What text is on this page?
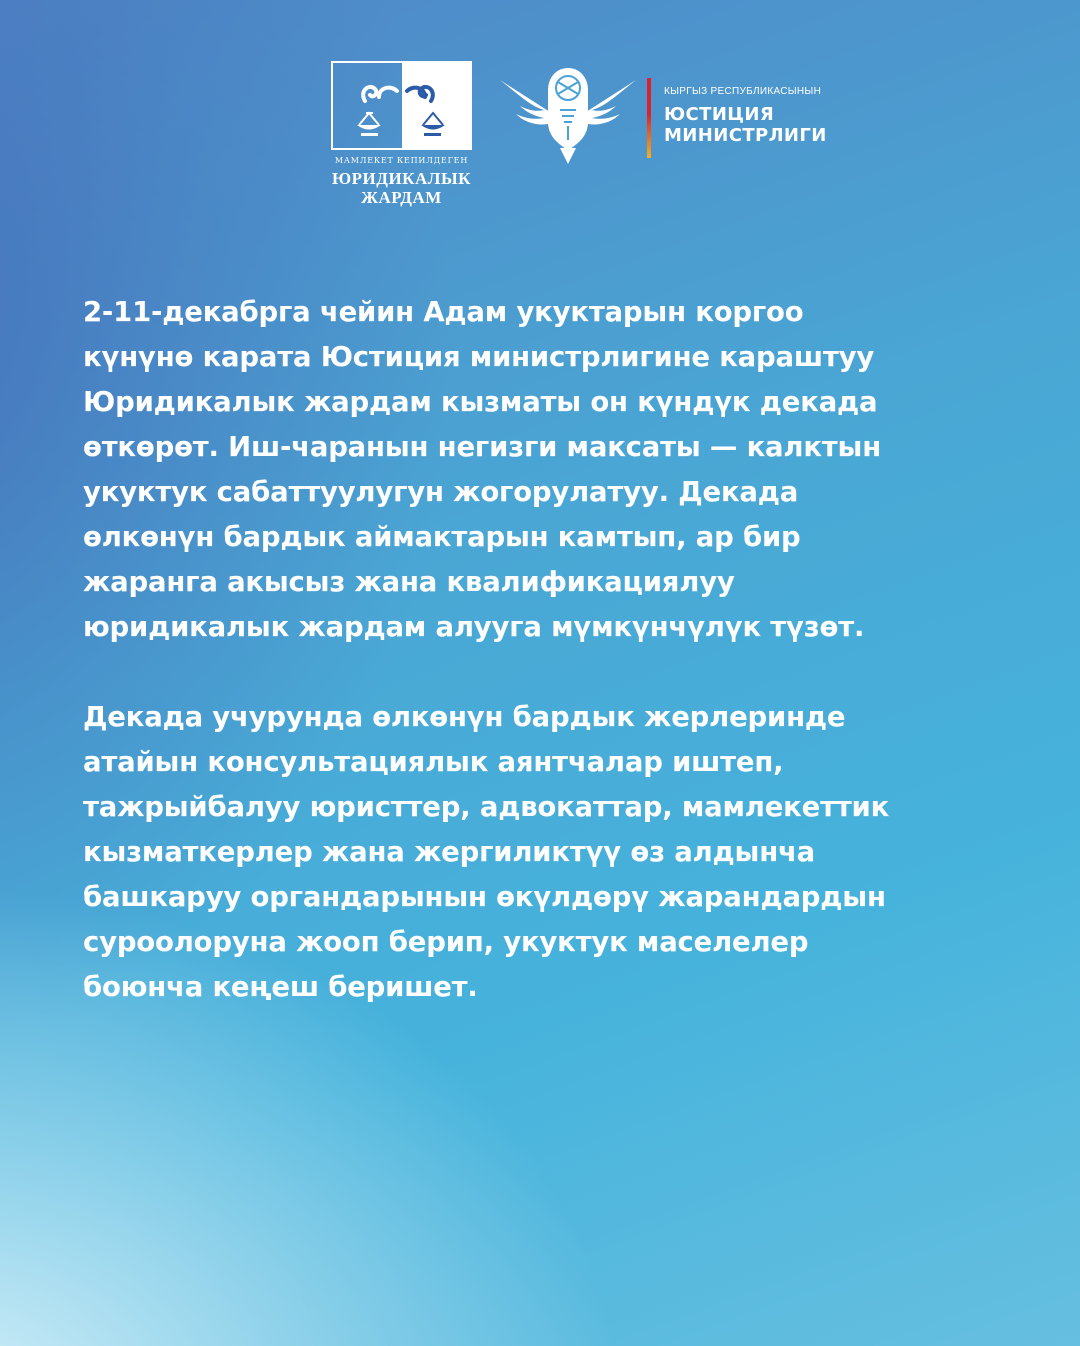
МАМЛЕКЕТ КЕПИЛДЕГЕН
ЮРИДИКАЛЫК
ЖАРДАМ
КЫРГЫЗ РЕСПУБЛИКАСЫНЫН
ЮСТИЦИЯ
МИНИСТРЛИГИ

2-11-декабрга чейин Адам укуктарын коргоо
күнүнө карата Юстиция министрлигине караштуу
Юридикалык жардам кызматы он күндүк декада
өткөрөт. Иш-чаранын негизги максаты — калктын
укуктук сабаттуулугун жогорулатуу. Декада
өлкөнүн бардык аймактарын камтып, ар бир
жаранга акысыз жана квалификациялуу
юридикалык жардам алууга мүмкүнчүлүк түзөт.

Декада учурунда өлкөнүн бардык жерлеринде
атайын консультациялык аянтчалар иштеп,
тажрыйбалуу юристтер, адвокаттар, мамлекеттик
кызматкерлер жана жергиликтүү өз алдынча
башкаруу органдарынын өкүлдөрү жарандардын
суроолоруна жооп берип, укуктук маселелер
боюнча кеңеш беришет.
